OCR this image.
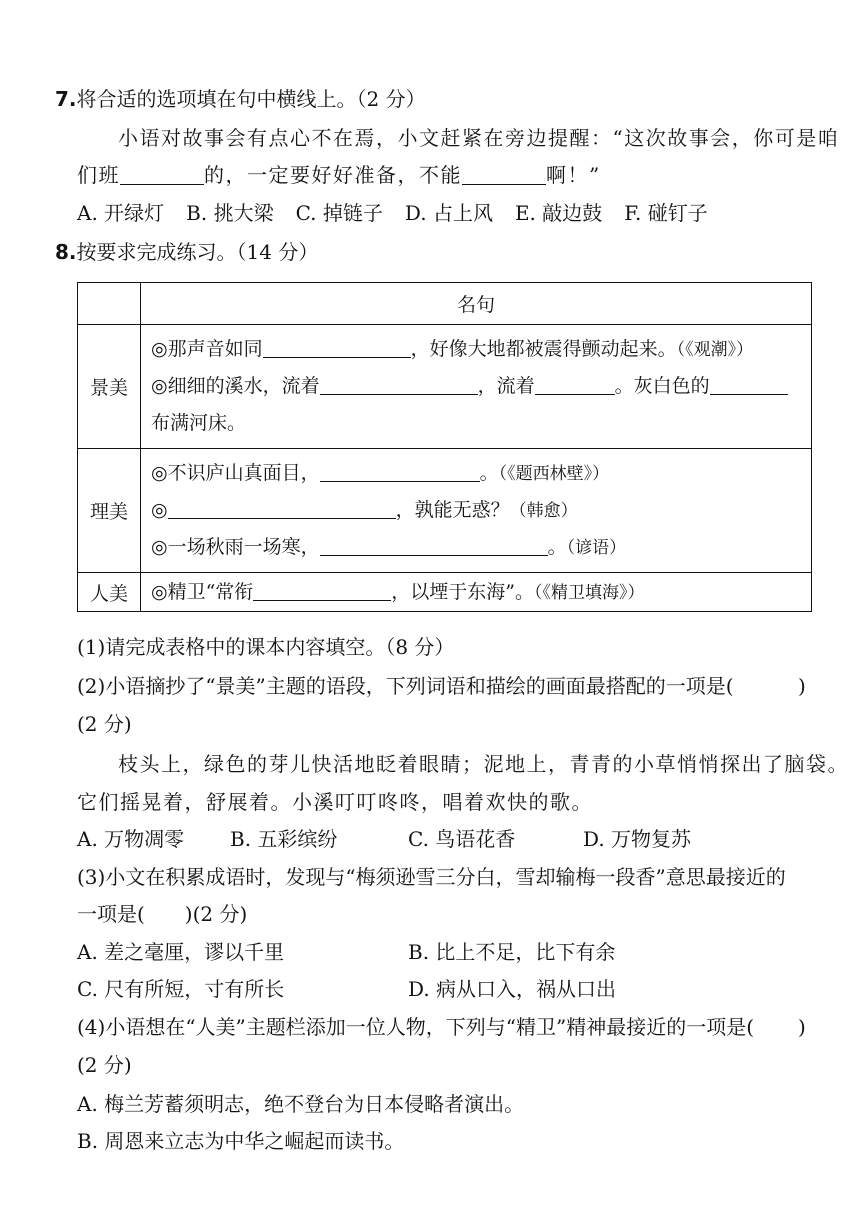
7.将合适的选项填在句中横线上。（2 分）
小语对故事会有点心不在焉，小文赶紧在旁边提醒：“这次故事会，你可是咱
们班	的，一定要好好准备，不能	啊！”
A. 开绿灯 B. 挑大梁 C. 掉链子 D. 占上风 E. 敲边鼓 F. 碰钉子
8.按要求完成练习。（14 分）
	名句
景美	◎那声音如同 ，好像大地都被震得颤动起来。（《观潮》）
◎细细的溪水，流着 ，流着 。灰白色的
布满河床。

理美	◎不识庐山真面目， 。（《题西林壁》）
◎ ，孰能无惑？（韩愈）
◎一场秋雨一场寒， 。（谚语）

人美	◎精卫“常衔 ，以堙于东海”。（《精卫填海》）
(1)请完成表格中的课本内容填空。（8 分）
(2)小语摘抄了“景美”主题的语段，下列词语和描绘的画面最搭配的一项是(	)
(2 分)
枝头上，绿色的芽儿快活地眨着眼睛；泥地上，青青的小草悄悄探出了脑袋。
它们摇晃着，舒展着。小溪叮叮咚咚，唱着欢快的歌。
A. 万物凋零 B. 五彩缤纷	C. 鸟语花香	D. 万物复苏
(3)小文在积累成语时，发现与“梅须逊雪三分白，雪却输梅一段香”意思最接近的
一项是(　　)(2 分)
A. 差之毫厘，谬以千里	B. 比上不足，比下有余
C. 尺有所短，寸有所长	D. 病从口入，祸从口出
(4)小语想在“人美”主题栏添加一位人物，下列与“精卫”精神最接近的一项是( )
(2 分)
A. 梅兰芳蓄须明志，绝不登台为日本侵略者演出。
B. 周恩来立志为中华之崛起而读书。
